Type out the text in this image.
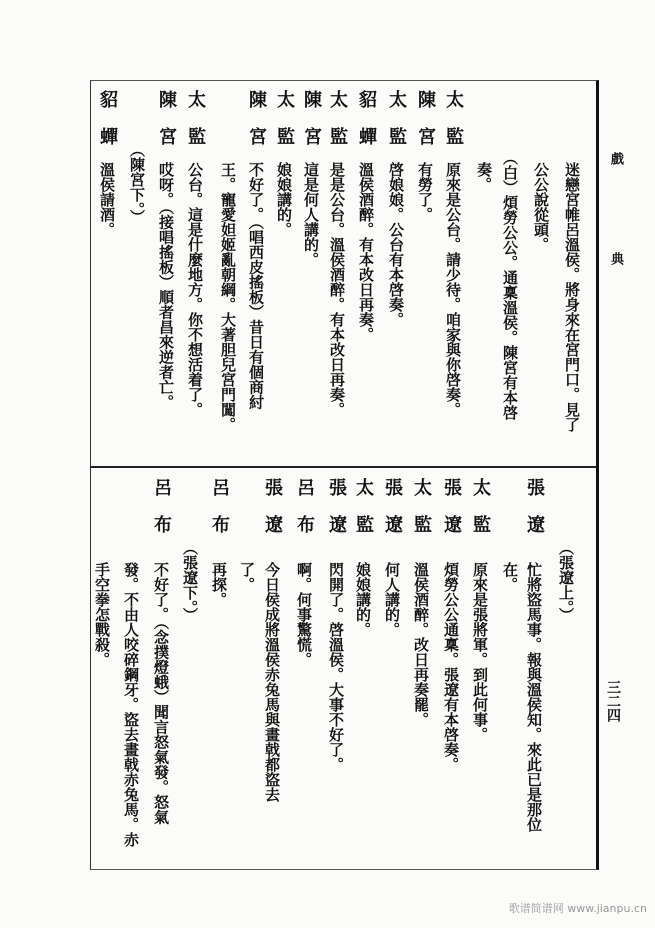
迷戀宮帷呂溫侯。將身來在宮門口。見了
公公說從頭。
（白）煩勞公公。通稟溫侯。陳宮有本啓
奏。
太監
原來是公台。請少待。咱家與你啓奏。
陳宮
有勞了。
太監
啓娘娘。公台有本啓奏。
貂蟬
溫侯酒醉。有本改日再奏。
太監
是是公台。溫侯酒醉。有本改日再奏。
陳宮
這是何人講的。
太監
娘娘講的。
陳宮
不好了。（唱西皮搖板）昔日有個商紂
王。寵愛妲姬亂朝綱。大著胆兒宮門闖。
太監
公台。這是什麼地方。你不想活着了。
陳宮
哎呀。（接唱搖板）順者昌來逆者亡。
（陳宮下。）
貂蟬
溫侯請酒。
（張遼上。）
張遼
忙將盜馬事。報與溫侯知。來此已是那位
在。
太監
原來是張將軍。到此何事。
張遼
煩勞公公通稟。張遼有本啓奏。
太監
溫侯酒醉。改日再奏罷。
張遼
何人講的。
太監
娘娘講的。
張遼
閃開了。啓溫侯。大事不好了。
呂布
啊。何事驚慌。
張遼
今日侯成將溫侯赤兔馬與畫戟都盜去
了。
呂布
再探。
（張遼下。）
呂布
不好了。（念撲燈蛾）聞言怒氣發。怒氣
發。不由人咬碎鋼牙。盜去畫戟赤兔馬。赤
手空拳怎戰殺。
戲
典
三二四
歌谱简谱网 www.jianpu.cn
